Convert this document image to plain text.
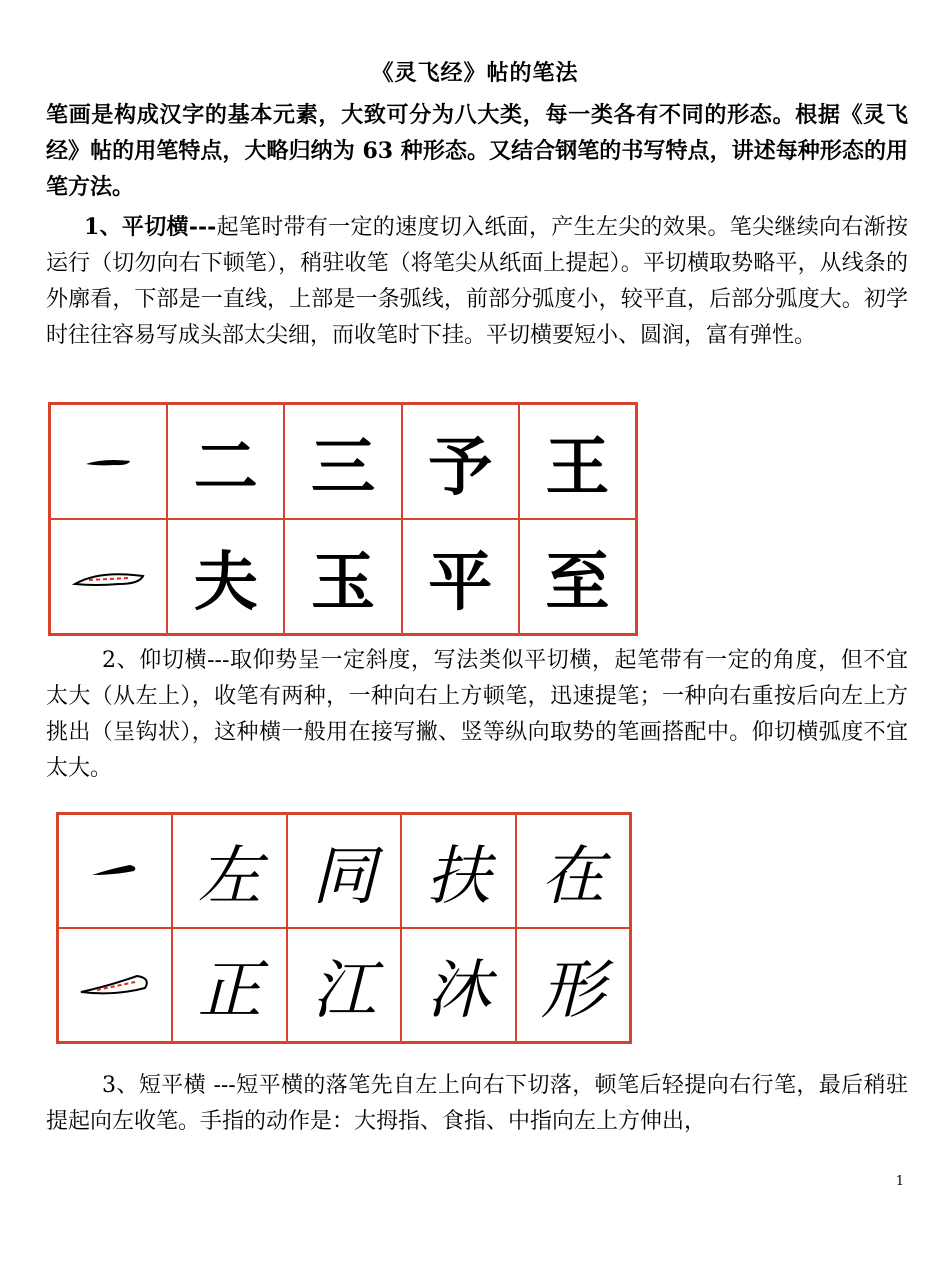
《灵飞经》帖的笔法

笔画是构成汉字的基本元素，大致可分为八大类，每一类各有不同的形态。根据《灵飞经》帖的用笔特点，大略归纳为 63 种形态。又结合钢笔的书写特点，讲述每种形态的用笔方法。

1、平切横---起笔时带有一定的速度切入纸面，产生左尖的效果。笔尖继续向右渐按运行（切勿向右下顿笔），稍驻收笔（将笔尖从纸面上提起）。平切横取势略平，从线条的外廓看，下部是一直线，上部是一条弧线，前部分弧度小，较平直，后部分弧度大。初学时往往容易写成头部太尖细，而收笔时下挂。平切横要短小、圆润，富有弹性。

二 三 予 王
夫 玉 平 至

2、仰切横---取仰势呈一定斜度，写法类似平切横，起笔带有一定的角度，但不宜太大（从左上），收笔有两种，一种向右上方顿笔，迅速提笔；一种向右重按后向左上方挑出（呈钩状），这种横一般用在接写撇、竖等纵向取势的笔画搭配中。仰切横弧度不宜太大。

左 同 扶 在
正 江 沐 形

3、短平横 ---短平横的落笔先自左上向右下切落，顿笔后轻提向右行笔，最后稍驻提起向左收笔。手指的动作是：大拇指、食指、中指向左上方伸出，

1
